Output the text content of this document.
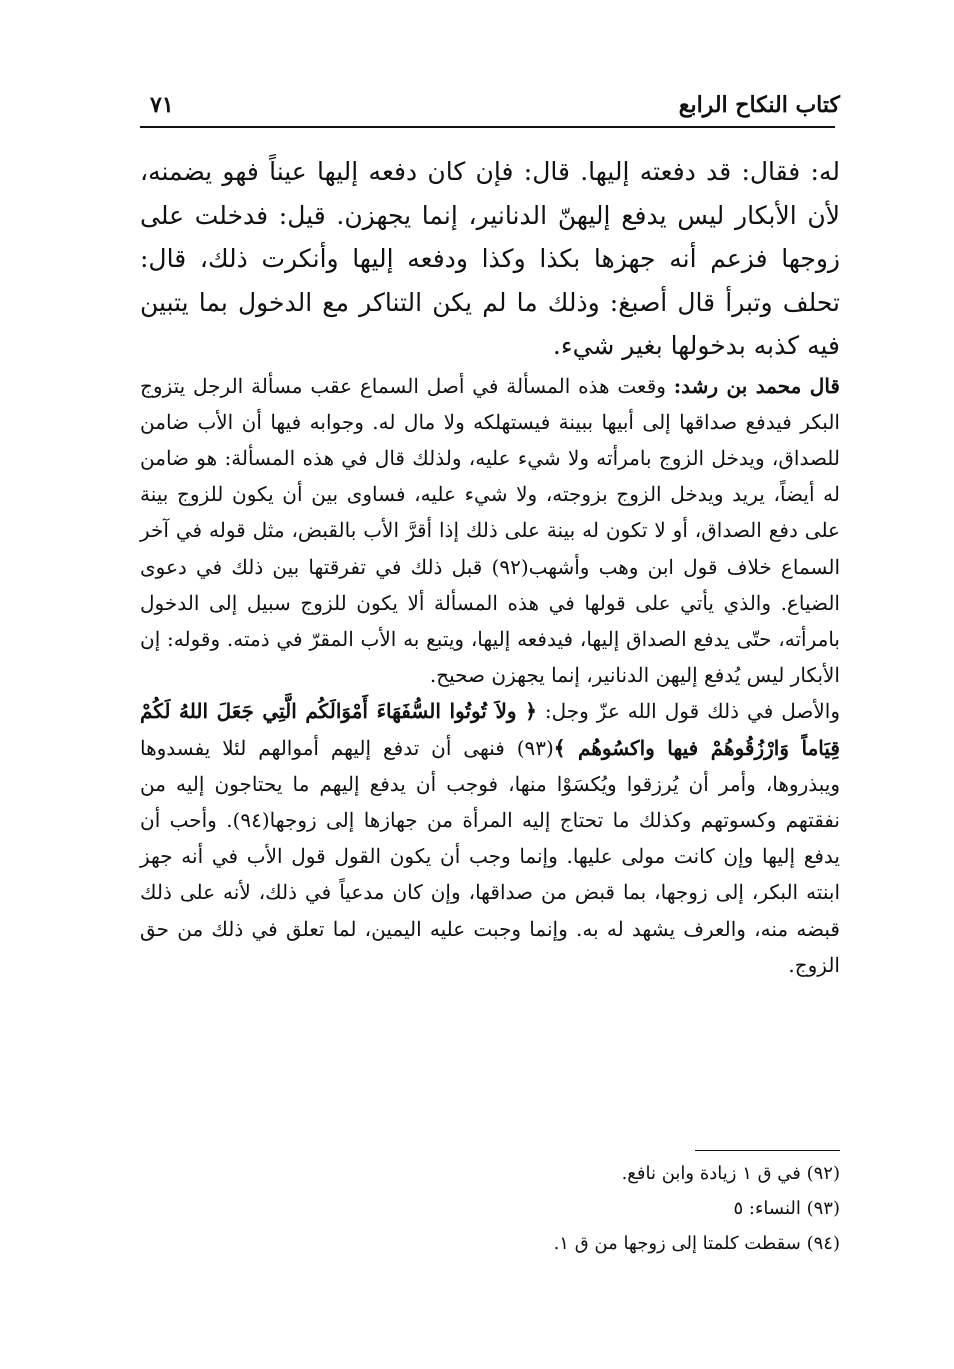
كتاب النكاح الرابع
٧١

له: فقال: قد دفعته إليها. قال: فإن كان دفعه إليها عيناً فهو يضمنه، لأن الأبكار ليس يدفع إليهنّ الدنانير، إنما يجهزن. قيل: فدخلت على زوجها فزعم أنه جهزها بكذا وكذا ودفعه إليها وأنكرت ذلك، قال: تحلف وتبرأ قال أصبغ: وذلك ما لم يكن التناكر مع الدخول بما يتبين فيه كذبه بدخولها بغير شيء.

قال محمد بن رشد: وقعت هذه المسألة في أصل السماع عقب مسألة الرجل يتزوج البكر فيدفع صداقها إلى أبيها ببينة فيستهلكه ولا مال له. وجوابه فيها أن الأب ضامن للصداق، ويدخل الزوج بامرأته ولا شيء عليه، ولذلك قال في هذه المسألة: هو ضامن له أيضاً، يريد ويدخل الزوج بزوجته، ولا شيء عليه، فساوى بين أن يكون للزوج بينة على دفع الصداق، أو لا تكون له بينة على ذلك إذا أقرَّ الأب بالقبض، مثل قوله في آخر السماع خلاف قول ابن وهب وأشهب(٩٢) قبل ذلك في تفرقتها بين ذلك في دعوى الضياع. والذي يأتي على قولها في هذه المسألة ألا يكون للزوج سبيل إلى الدخول بامرأته، حتّى يدفع الصداق إليها، فيدفعه إليها، ويتبع به الأب المقرّ في ذمته. وقوله: إن الأبكار ليس يُدفع إليهن الدنانير، إنما يجهزن صحيح.

والأصل في ذلك قول الله عزّ وجل: ﴿ ولاَ تُوتُوا السُّفَهَاءَ أَمْوَالَكُم الَّتِي جَعَلَ اللهُ لَكُمْ قِيَاماً وَارْزُقُوهُمْ فيها واكسُوهُم ﴾(٩٣) فنهى أن تدفع إليهم أموالهم لئلا يفسدوها ويبذروها، وأمر أن يُرزقوا ويُكسَوْا منها، فوجب أن يدفع إليهم ما يحتاجون إليه من نفقتهم وكسوتهم وكذلك ما تحتاج إليه المرأة من جهازها إلى زوجها(٩٤). وأحب أن يدفع إليها وإن كانت مولى عليها. وإنما وجب أن يكون القول قول الأب في أنه جهز ابنته البكر، إلى زوجها، بما قبض من صداقها، وإن كان مدعياً في ذلك، لأنه على ذلك قبضه منه، والعرف يشهد له به. وإنما وجبت عليه اليمين، لما تعلق في ذلك من حق الزوج.

(٩٢) في ق ١ زيادة وابن نافع.

(٩٣) النساء: ٥

(٩٤) سقطت كلمتا إلى زوجها من ق ١.
